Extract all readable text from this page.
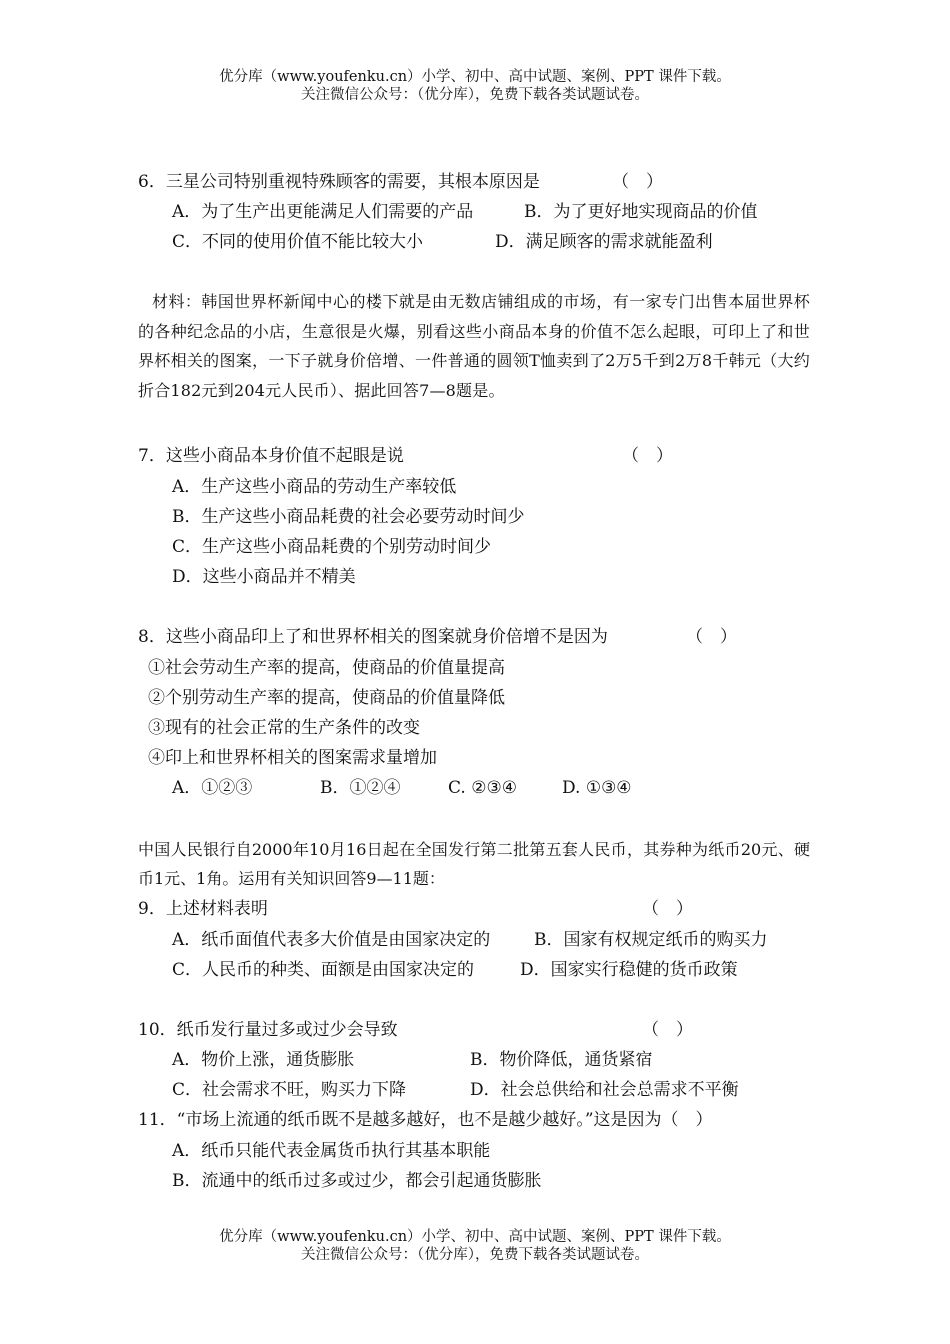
优分库（www.youfenku.cn）小学、初中、高中试题、案例、PPT 课件下载。
关注微信公众号：（优分库），免费下载各类试题试卷。
6．三星公司特别重视特殊顾客的需要，其根本原因是	（　）
A．为了生产出更能满足人们需要的产品	B．为了更好地实现商品的价值
C．不同的使用价值不能比较大小	D．满足顾客的需求就能盈利
材料：韩国世界杯新闻中心的楼下就是由无数店铺组成的市场，有一家专门出售本届世界杯的各种纪念品的小店，生意很是火爆，别看这些小商品本身的价值不怎么起眼，可印上了和世界杯相关的图案，一下子就身价倍增、一件普通的圆领T恤卖到了2万5千到2万8千韩元（大约折合182元到204元人民币）、据此回答7—8题是。
7．这些小商品本身价值不起眼是说	（　）
A．生产这些小商品的劳动生产率较低
B．生产这些小商品耗费的社会必要劳动时间少
C．生产这些小商品耗费的个别劳动时间少
D．这些小商品并不精美
8．这些小商品印上了和世界杯相关的图案就身价倍增不是因为	（　）
①社会劳动生产率的提高，使商品的价值量提高
②个别劳动生产率的提高，使商品的价值量降低
③现有的社会正常的生产条件的改变
④印上和世界杯相关的图案需求量增加
A．①②③	B．①②④	C. ②③④	D. ①③④
中国人民银行自2000年10月16日起在全国发行第二批第五套人民币，其券种为纸币20元、硬币1元、1角。运用有关知识回答9—11题：
9．上述材料表明	（　）
A．纸币面值代表多大价值是由国家决定的	B．国家有权规定纸币的购买力
C．人民币的种类、面额是由国家决定的	D．国家实行稳健的货币政策
10．纸币发行量过多或过少会导致	（　）
A．物价上涨，通货膨胀	B．物价降低，通货紧宿
C．社会需求不旺，购买力下降	D．社会总供给和社会总需求不平衡
11．“市场上流通的纸币既不是越多越好，也不是越少越好。”这是因为（　）
A．纸币只能代表金属货币执行其基本职能
B．流通中的纸币过多或过少，都会引起通货膨胀
优分库（www.youfenku.cn）小学、初中、高中试题、案例、PPT 课件下载。
关注微信公众号：（优分库），免费下载各类试题试卷。
